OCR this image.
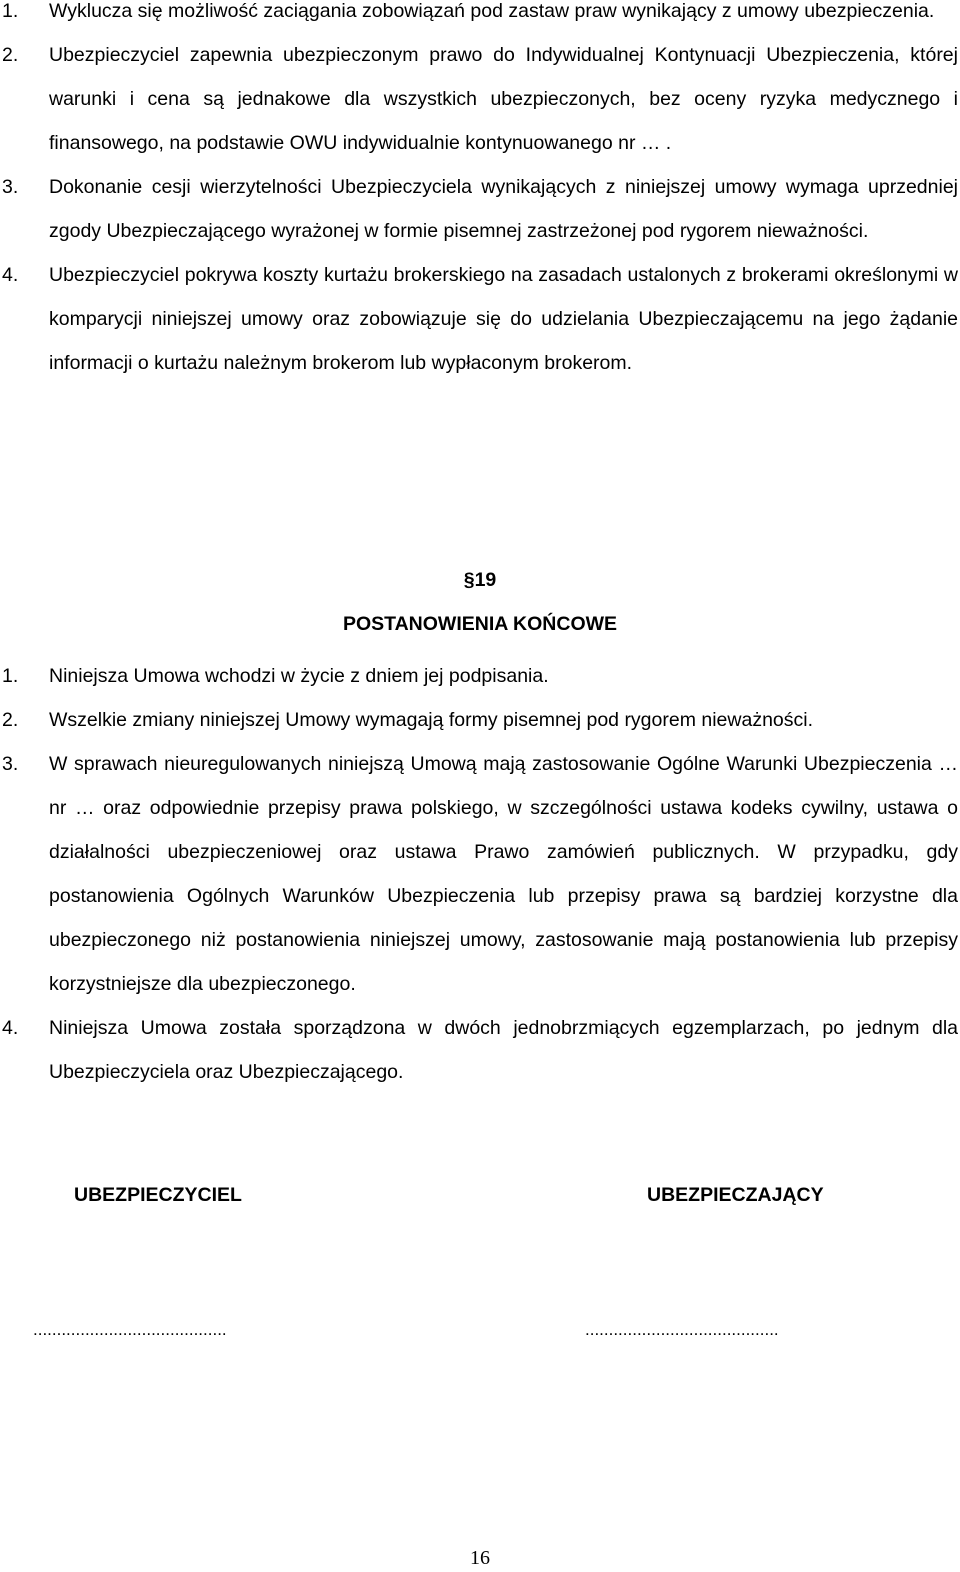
1. Wyklucza się możliwość zaciągania zobowiązań pod zastaw praw wynikający z umowy ubezpieczenia.
2. Ubezpieczyciel zapewnia ubezpieczonym prawo do Indywidualnej Kontynuacji Ubezpieczenia, której warunki i cena są jednakowe dla wszystkich ubezpieczonych, bez oceny ryzyka medycznego i finansowego, na podstawie OWU indywidualnie kontynuowanego nr … .
3. Dokonanie cesji wierzytelności Ubezpieczyciela wynikających z niniejszej umowy wymaga uprzedniej zgody Ubezpieczającego wyrażonej w formie pisemnej zastrzeżonej pod rygorem nieważności.
4. Ubezpieczyciel pokrywa koszty kurtażu brokerskiego na zasadach ustalonych z brokerami określonymi w komparycji niniejszej umowy oraz zobowiązuje się do udzielania Ubezpieczającemu na jego żądanie informacji o kurtażu należnym brokerom lub wypłaconym brokerom.
§19
POSTANOWIENIA KOŃCOWE
1. Niniejsza Umowa wchodzi w życie z dniem jej podpisania.
2. Wszelkie zmiany niniejszej Umowy wymagają formy pisemnej pod rygorem nieważności.
3. W sprawach nieuregulowanych niniejszą Umową mają zastosowanie Ogólne Warunki Ubezpieczenia … nr … oraz odpowiednie przepisy prawa polskiego, w szczególności ustawa kodeks cywilny, ustawa o działalności ubezpieczeniowej oraz ustawa Prawo zamówień publicznych. W przypadku, gdy postanowienia Ogólnych Warunków Ubezpieczenia lub przepisy prawa są bardziej korzystne dla ubezpieczonego niż postanowienia niniejszej umowy, zastosowanie mają postanowienia lub przepisy korzystniejsze dla ubezpieczonego.
4. Niniejsza Umowa została sporządzona w dwóch jednobrzmiących egzemplarzach, po jednym dla Ubezpieczyciela oraz Ubezpieczającego.
UBEZPIECZYCIEL	UBEZPIECZAJĄCY
.........................................	.........................................
16
